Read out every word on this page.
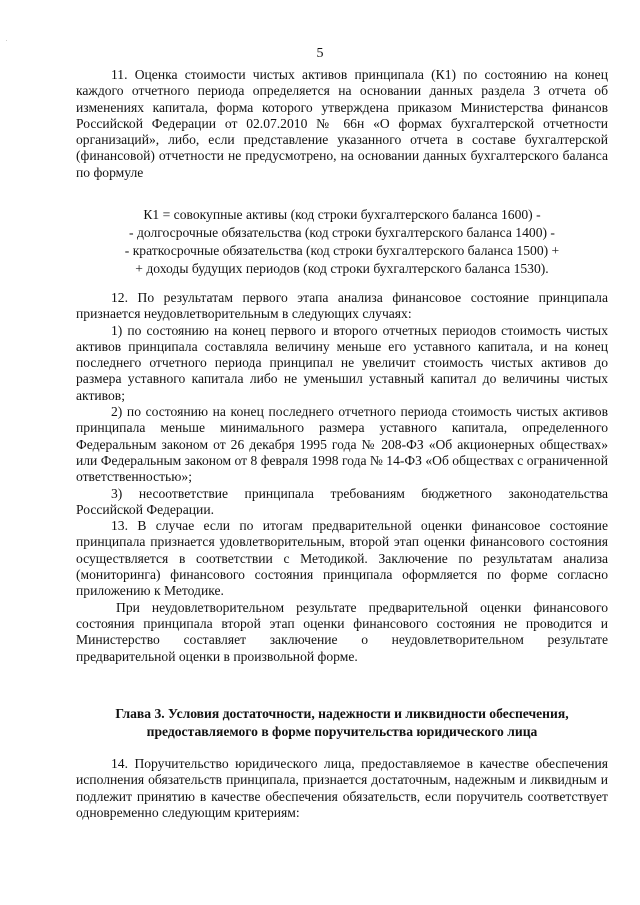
5

11. Оценка стоимости чистых активов принципала (К1) по состоянию на конец каждого отчетного периода определяется на основании данных раздела 3 отчета об изменениях капитала, форма которого утверждена приказом Министерства финансов Российской Федерации от 02.07.2010 № 66н «О формах бухгалтерской отчетности организаций», либо, если представление указанного отчета в составе бухгалтерской (финансовой) отчетности не предусмотрено, на основании данных бухгалтерского баланса по формуле

К1 = совокупные активы (код строки бухгалтерского баланса 1600) -
- долгосрочные обязательства (код строки бухгалтерского баланса 1400) -
- краткосрочные обязательства (код строки бухгалтерского баланса 1500) +
+ доходы будущих периодов (код строки бухгалтерского баланса 1530).

12. По результатам первого этапа анализа финансовое состояние принципала признается неудовлетворительным в следующих случаях:

1) по состоянию на конец первого и второго отчетных периодов стоимость чистых активов принципала составляла величину меньше его уставного капитала, и на конец последнего отчетного периода принципал не увеличит стоимость чистых активов до размера уставного капитала либо не уменьшил уставный капитал до величины чистых активов;

2) по состоянию на конец последнего отчетного периода стоимость чистых активов принципала меньше минимального размера уставного капитала, определенного Федеральным законом от 26 декабря 1995 года № 208-ФЗ «Об акционерных обществах» или Федеральным законом от 8 февраля 1998 года № 14-ФЗ «Об обществах с ограниченной ответственностью»;

3) несоответствие принципала требованиям бюджетного законодательства Российской Федерации.

13. В случае если по итогам предварительной оценки финансовое состояние принципала признается удовлетворительным, второй этап оценки финансового состояния осуществляется в соответствии с Методикой. Заключение по результатам анализа (мониторинга) финансового состояния принципала оформляется по форме согласно приложению к Методике.

При неудовлетворительном результате предварительной оценки финансового состояния принципала второй этап оценки финансового состояния не проводится и Министерство составляет заключение о неудовлетворительном результате предварительной оценки в произвольной форме.

Глава 3. Условия достаточности, надежности и ликвидности обеспечения,
предоставляемого в форме поручительства юридического лица

14. Поручительство юридического лица, предоставляемое в качестве обеспечения исполнения обязательств принципала, признается достаточным, надежным и ликвидным и подлежит принятию в качестве обеспечения обязательств, если поручитель соответствует одновременно следующим критериям:
